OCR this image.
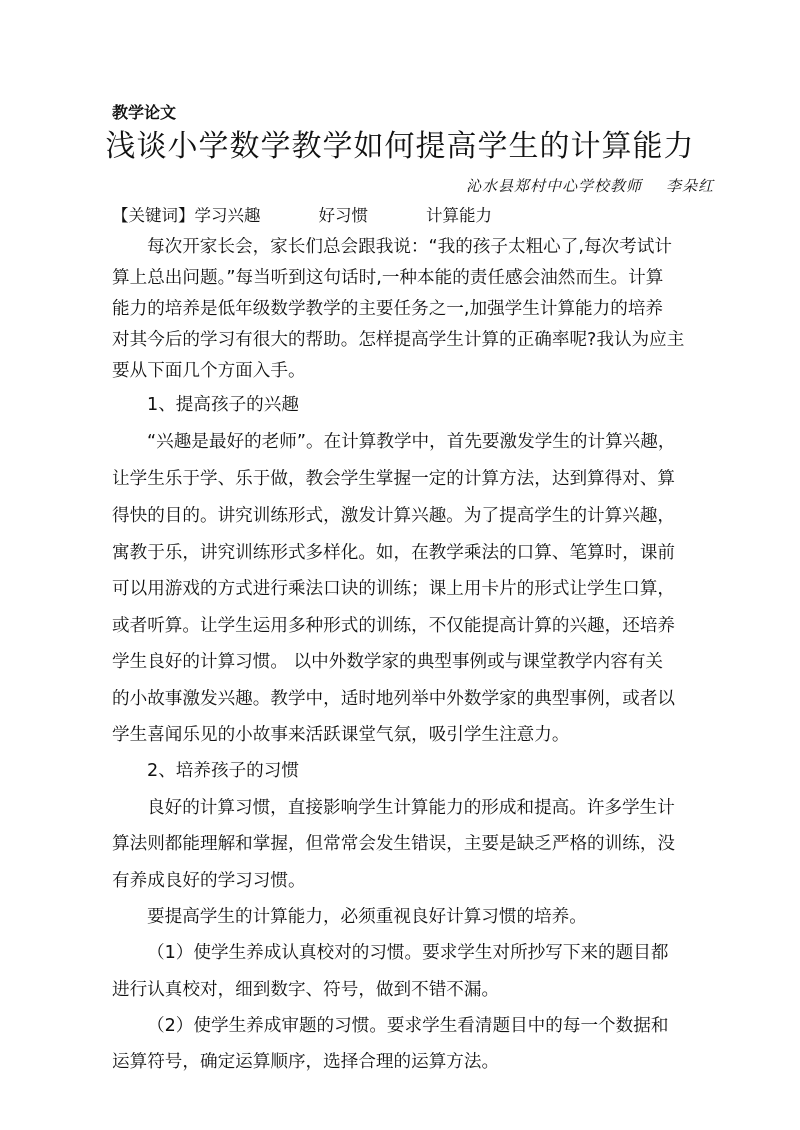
教学论文
浅谈小学数学教学如何提高学生的计算能力
沁水县郑村中心学校教师 李朵红
【关键词】学习兴趣	好习惯	计算能力
每次开家长会，家长们总会跟我说：“我的孩子太粗心了,每次考试计
算上总出问题。”每当听到这句话时,一种本能的责任感会油然而生。计算
能力的培养是低年级数学教学的主要任务之一,加强学生计算能力的培养
对其今后的学习有很大的帮助。怎样提高学生计算的正确率呢?我认为应主
要从下面几个方面入手。
1、提高孩子的兴趣
“兴趣是最好的老师”。在计算教学中，首先要激发学生的计算兴趣，
让学生乐于学、乐于做，教会学生掌握一定的计算方法，达到算得对、算
得快的目的。讲究训练形式，激发计算兴趣。为了提高学生的计算兴趣，
寓教于乐，讲究训练形式多样化。如，在教学乘法的口算、笔算时，课前
可以用游戏的方式进行乘法口诀的训练；课上用卡片的形式让学生口算，
或者听算。让学生运用多种形式的训练，不仅能提高计算的兴趣，还培养
学生良好的计算习惯。 以中外数学家的典型事例或与课堂教学内容有关
的小故事激发兴趣。教学中，适时地列举中外数学家的典型事例，或者以
学生喜闻乐见的小故事来活跃课堂气氛，吸引学生注意力。
2、培养孩子的习惯
良好的计算习惯，直接影响学生计算能力的形成和提高。许多学生计
算法则都能理解和掌握，但常常会发生错误，主要是缺乏严格的训练，没
有养成良好的学习习惯。
要提高学生的计算能力，必须重视良好计算习惯的培养。
（1）使学生养成认真校对的习惯。要求学生对所抄写下来的题目都
进行认真校对，细到数字、符号，做到不错不漏。
（2）使学生养成审题的习惯。要求学生看清题目中的每一个数据和
运算符号，确定运算顺序，选择合理的运算方法。
